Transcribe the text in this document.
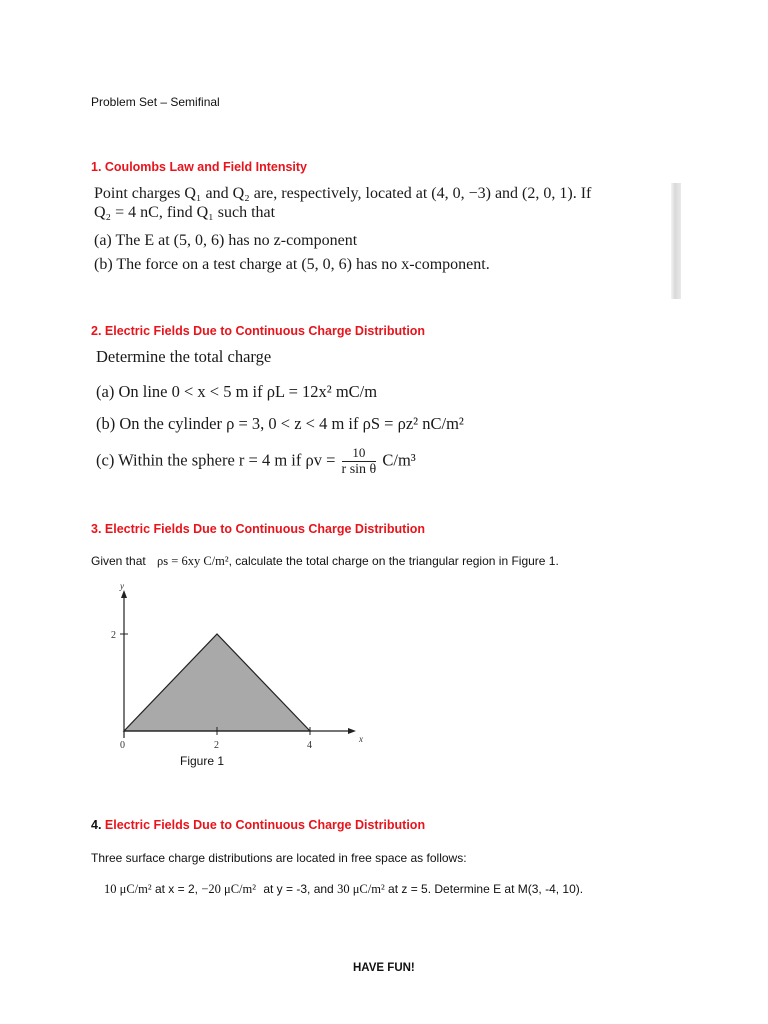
Problem Set – Semifinal
1. Coulombs Law and Field Intensity
Point charges Q₁ and Q₂ are, respectively, located at (4, 0, −3) and (2, 0, 1). If
Q₂ = 4 nC, find Q₁ such that
(a) The E at (5, 0, 6) has no z-component
(b) The force on a test charge at (5, 0, 6) has no x-component.
2. Electric Fields Due to Continuous Charge Distribution
Determine the total charge
(a) On line 0 < x < 5 m if ρL = 12x² mC/m
(b) On the cylinder ρ = 3, 0 < z < 4 m if ρS = ρz² nC/m²
(c) Within the sphere r = 4 m if $\rho v = \frac{10}{\text{r sin θ}} C/m^3$
3. Electric Fields Due to Continuous Charge Distribution
Given that ρs = 6xy C/m², calculate the total charge on the triangular region in Figure 1.
y
x
2
0	2	4
Figure 1
4. Electric Fields Due to Continuous Charge Distribution
Three surface charge distributions are located in free space as follows:
10 μC/m² at x = 2, −20 μC/m² at y = -3, and 30 μC/m² at z = 5. Determine E at M(3, -4, 10).
HAVE FUN!
